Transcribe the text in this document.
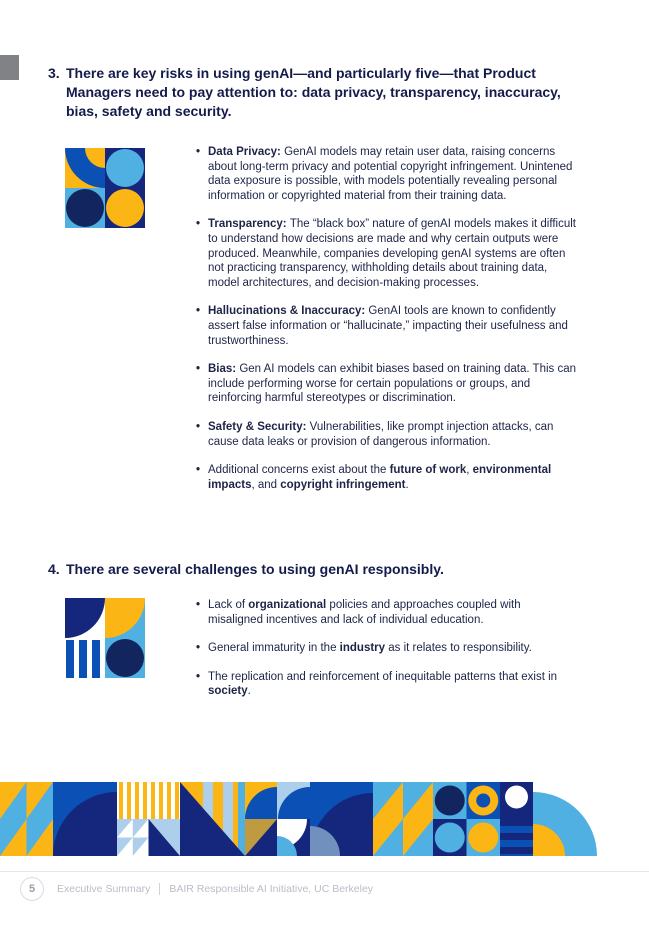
3. There are key risks in using genAI—and particularly five—that Product Managers need to pay attention to: data privacy, transparency, inaccuracy, bias, safety and security.
• Data Privacy: GenAI models may retain user data, raising concerns about long-term privacy and potential copyright infringement. Unintened data exposure is possible, with models potentially revealing personal information or copyrighted material from their training data.
• Transparency: The “black box” nature of genAI models makes it difficult to understand how decisions are made and why certain outputs were produced. Meanwhile, companies developing genAI systems are often not practicing transparency, withholding details about training data, model architectures, and decision-making processes.
• Hallucinations & Inaccuracy: GenAI tools are known to confidently assert false information or “hallucinate,” impacting their usefulness and trustworthiness.
• Bias: Gen AI models can exhibit biases based on training data. This can include performing worse for certain populations or groups, and reinforcing harmful stereotypes or discrimination.
• Safety & Security: Vulnerabilities, like prompt injection attacks, can cause data leaks or provision of dangerous information.
• Additional concerns exist about the future of work, environmental impacts, and copyright infringement.
4. There are several challenges to using genAI responsibly.
• Lack of organizational policies and approaches coupled with misaligned incentives and lack of individual education.
• General immaturity in the industry as it relates to responsibility.
• The replication and reinforcement of inequitable patterns that exist in society.
5	Executive Summary BAIR Responsible AI Initiative, UC Berkeley
